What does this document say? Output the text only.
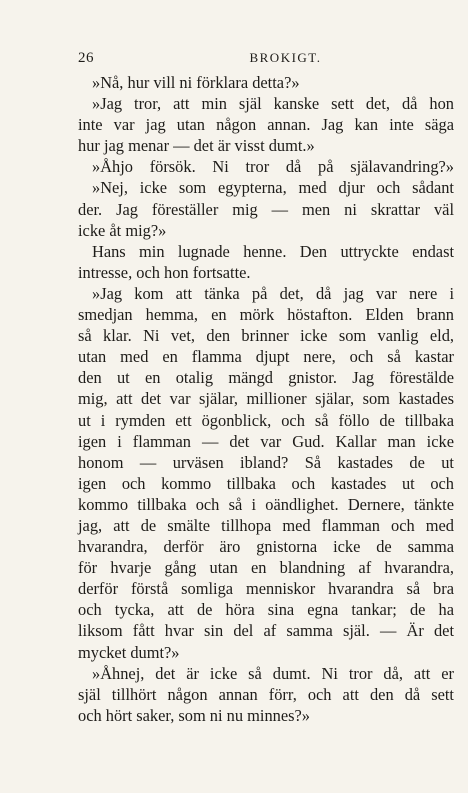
26	BROKIGT.
»Nå, hur vill ni förklara detta?»
»Jag tror, att min själ kanske sett det, då hon
inte var jag utan någon annan. Jag kan inte säga
hur jag menar — det är visst dumt.»
»Åhjo försök. Ni tror då på själavandring?»
»Nej, icke som egypterna, med djur och sådant
der. Jag föreställer mig — men ni skrattar väl
icke åt mig?»
Hans min lugnade henne. Den uttryckte endast
intresse, och hon fortsatte.
»Jag kom att tänka på det, då jag var nere i
smedjan hemma, en mörk höstafton. Elden brann
så klar. Ni vet, den brinner icke som vanlig eld,
utan med en flamma djupt nere, och så kastar
den ut en otalig mängd gnistor. Jag förestälde
mig, att det var själar, millioner själar, som kastades
ut i rymden ett ögonblick, och så föllo de tillbaka
igen i flamman — det var Gud. Kallar man icke
honom — urväsen ibland? Så kastades de ut
igen och kommo tillbaka och kastades ut och
kommo tillbaka och så i oändlighet. Dernere, tänkte
jag, att de smälte tillhopa med flamman och med
hvarandra, derför äro gnistorna icke de samma
för hvarje gång utan en blandning af hvarandra,
derför förstå somliga menniskor hvarandra så bra
och tycka, att de höra sina egna tankar; de ha
liksom fått hvar sin del af samma själ. — Är det
mycket dumt?»
»Åhnej, det är icke så dumt. Ni tror då, att er
själ tillhört någon annan förr, och att den då sett
och hört saker, som ni nu minnes?»
